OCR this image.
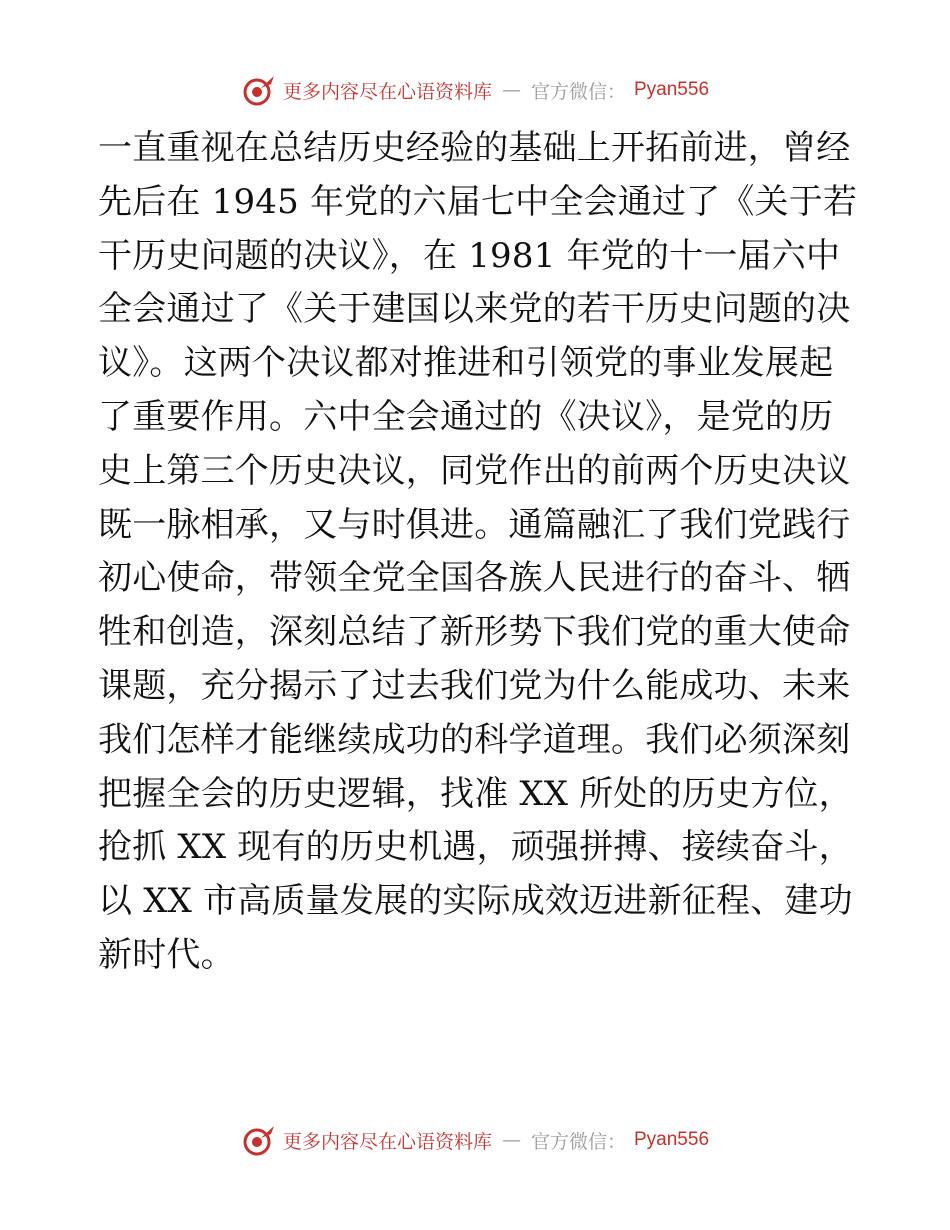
更多内容尽在心语资料库 — 官方微信： Pyan556
一直重视在总结历史经验的基础上开拓前进，曾经
先后在 1945 年党的六届七中全会通过了《关于若
干历史问题的决议》，在 1981 年党的十一届六中
全会通过了《关于建国以来党的若干历史问题的决
议》。这两个决议都对推进和引领党的事业发展起
了重要作用。六中全会通过的《决议》，是党的历
史上第三个历史决议，同党作出的前两个历史决议
既一脉相承，又与时俱进。通篇融汇了我们党践行
初心使命，带领全党全国各族人民进行的奋斗、牺
牲和创造，深刻总结了新形势下我们党的重大使命
课题，充分揭示了过去我们党为什么能成功、未来
我们怎样才能继续成功的科学道理。我们必须深刻
把握全会的历史逻辑，找准 XX 所处的历史方位，
抢抓 XX 现有的历史机遇，顽强拼搏、接续奋斗，
以 XX 市高质量发展的实际成效迈进新征程、建功
新时代。
更多内容尽在心语资料库 — 官方微信： Pyan556
